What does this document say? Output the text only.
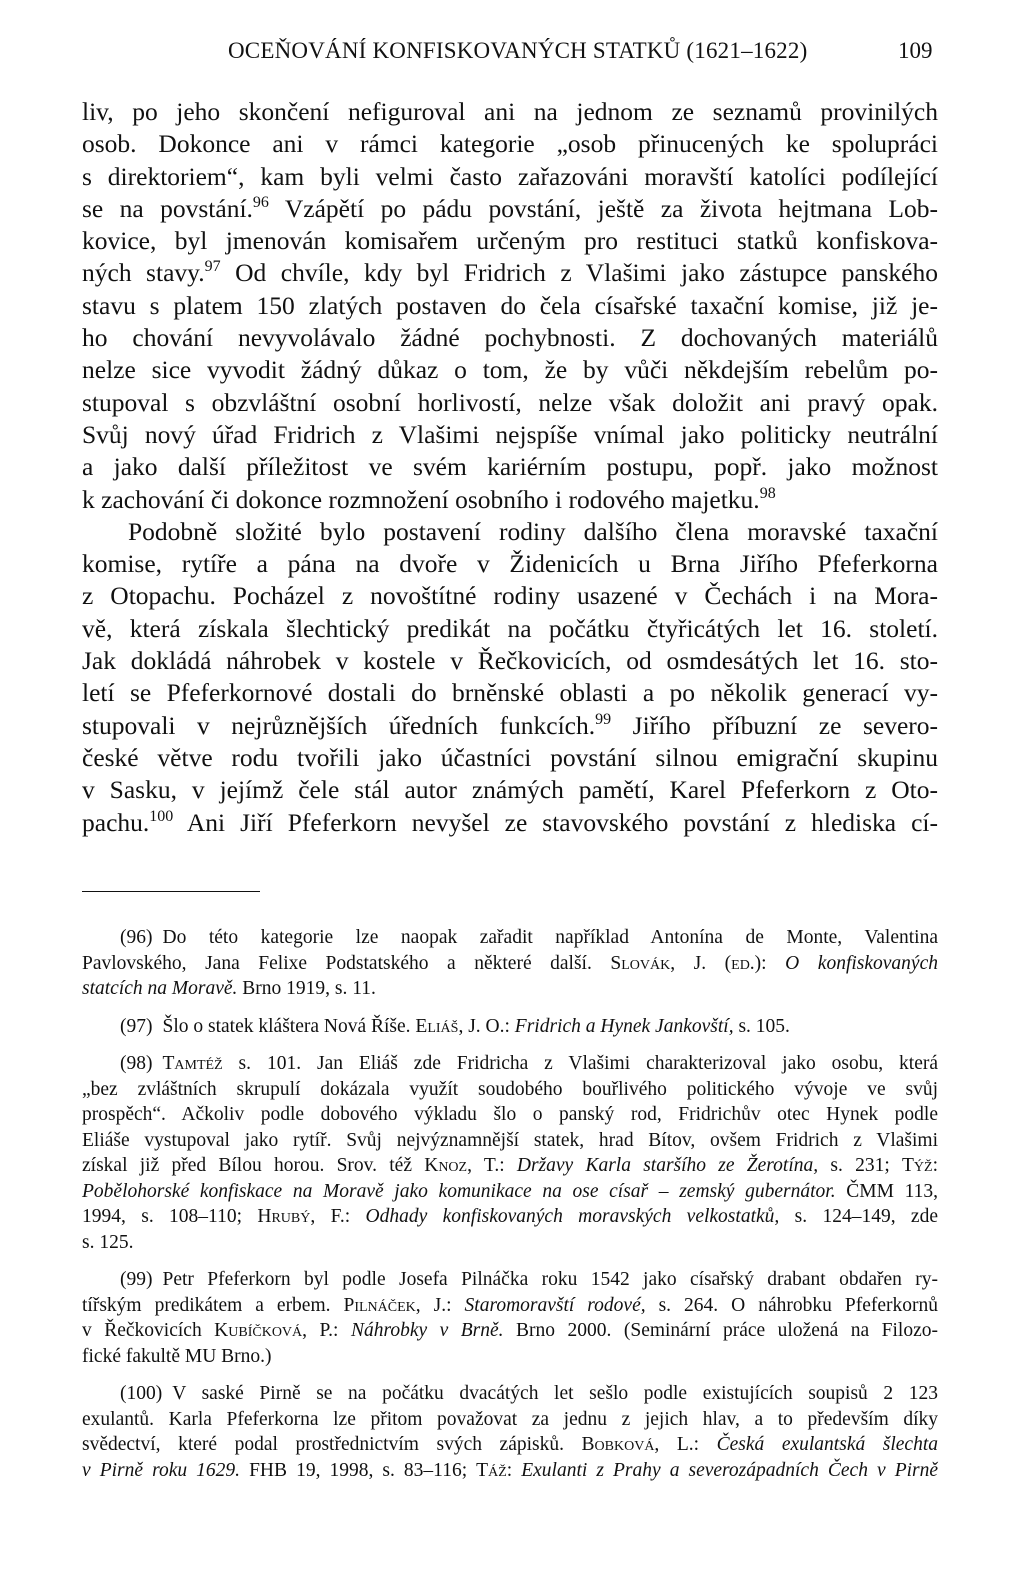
OCEŇOVÁNÍ KONFISKOVANÝCH STATKŮ (1621–1622)	109
liv, po jeho skončení nefiguroval ani na jednom ze seznamů provinilých
osob. Dokonce ani v rámci kategorie „osob přinucených ke spolupráci
s direktoriem“, kam byli velmi často zařazováni moravští katolíci podílející
se na povstání.$^{96}$ Vzápětí po pádu povstání, ještě za života hejtmana Lob-
kovice, byl jmenován komisařem určeným pro restituci statků konfiskova-
ných stavy.$^{97}$ Od chvíle, kdy byl Fridrich z Vlašimi jako zástupce panského
stavu s platem 150 zlatých postaven do čela císařské taxační komise, již je-
ho chování nevyvolávalo žádné pochybnosti. Z dochovaných materiálů
nelze sice vyvodit žádný důkaz o tom, že by vůči někdejším rebelům po-
stupoval s obzvláštní osobní horlivostí, nelze však doložit ani pravý opak.
Svůj nový úřad Fridrich z Vlašimi nejspíše vnímal jako politicky neutrální
a jako další příležitost ve svém kariérním postupu, popř. jako možnost
k zachování či dokonce rozmnožení osobního i rodového majetku.$^{98}$
Podobně složité bylo postavení rodiny dalšího člena moravské taxační
komise, rytíře a pána na dvoře v Židenicích u Brna Jiřího Pfeferkorna
z Otopachu. Pocházel z novoštítné rodiny usazené v Čechách i na Mora-
vě, která získala šlechtický predikát na počátku čtyřicátých let 16. století.
Jak dokládá náhrobek v kostele v Řečkovicích, od osmdesátých let 16. sto-
letí se Pfeferkornové dostali do brněnské oblasti a po několik generací vy-
stupovali v nejrůznějších úředních funkcích.$^{99}$ Jiřího příbuzní ze severo-
české větve rodu tvořili jako účastníci povstání silnou emigrační skupinu
v Sasku, v jejímž čele stál autor známých pamětí, Karel Pfeferkorn z Oto-
pachu.$^{100}$ Ani Jiří Pfeferkorn nevyšel ze stavovského povstání z hlediska cí-
(96) Do této kategorie lze naopak zařadit například Antonína de Monte, Valentina
Pavlovského, Jana Felixe Podstatského a některé další. Slovák, J. (ed.): O konfiskovaných
statcích na Moravě. Brno 1919, s. 11.
(97) Šlo o statek kláštera Nová Říše. Eliáš, J. O.: Fridrich a Hynek Jankovští, s. 105.
(98) Tamtéž s. 101. Jan Eliáš zde Fridricha z Vlašimi charakterizoval jako osobu, která
„bez zvláštních skrupulí dokázala využít soudobého bouřlivého politického vývoje ve svůj
prospěch“. Ačkoliv podle dobového výkladu šlo o panský rod, Fridrichův otec Hynek podle
Eliáše vystupoval jako rytíř. Svůj nejvýznamnější statek, hrad Bítov, ovšem Fridrich z Vlašimi
získal již před Bílou horou. Srov. též Knoz, T.: Državy Karla staršího ze Žerotína, s. 231; Týž:
Pobělohorské konfiskace na Moravě jako komunikace na ose císař – zemský gubernátor. ČMM 113,
1994, s. 108–110; Hrubý, F.: Odhady konfiskovaných moravských velkostatků, s. 124–149, zde
s. 125.
(99) Petr Pfeferkorn byl podle Josefa Pilnáčka roku 1542 jako císařský drabant obdařen ry-
tířským predikátem a erbem. Pilnáček, J.: Staromoravští rodové, s. 264. O náhrobku Pfeferkornů
v Řečkovicích Kubíčková, P.: Náhrobky v Brně. Brno 2000. (Seminární práce uložená na Filozo-
fické fakultě MU Brno.)
(100) V saské Pirně se na počátku dvacátých let sešlo podle existujících soupisů 2 123
exulantů. Karla Pfeferkorna lze přitom považovat za jednu z jejich hlav, a to především díky
svědectví, které podal prostřednictvím svých zápisků. Bobková, L.: Česká exulantská šlechta
v Pirně roku 1629. FHB 19, 1998, s. 83–116; Táž: Exulanti z Prahy a severozápadních Čech v Pirně
